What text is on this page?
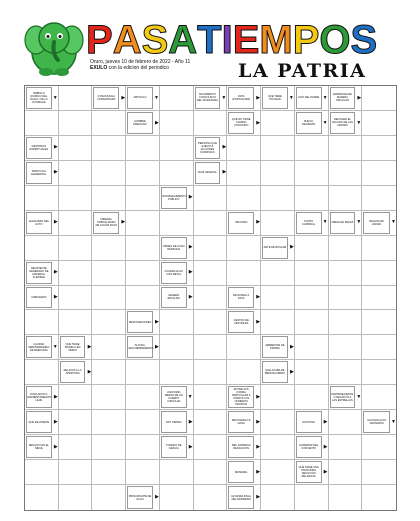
P A S A T I E M P O S
Oruro, jueves 10 de febrero de 2022 - Año 11
EXULO con la edicion del periodico	LA PATRIA
SIMBOLO QUIMICO DEL GALIO / SE LA CONSIGUE
▼	COSA MUCHA CORAZONADO	▶	ARTICULO	▼	MOVIMIENTO CONVULSIVO DEL DIAFRAGMA
▼	DIOS (PORTUGUES)	▶	QUE TIENE UTILIDAD	▼	HIJO DEL PADRE ▼	ARMADURA DE MADERA CIRCULAR
▶
HOMBRE PRECIANO	▶	QUE NO TIENE CAMINO CONOCIDO
▶	NUEVO, RECIENTE	▼	RECOGER EL SACADO DE LAS LEONES
▼
MINISTROS ESPIRITUALES	▶
PERSONA QUE EJECUTA ACCIONES FORZOSAS
▶
PARTICULA ELEMENTAL	▶	RAIZ VEGETAL	▶
ESTABLECIMIENTO PUBLICO	▶
LEGALIDAD DEL ACTO	▶	MINERAL CRISTALIZADO DE COLOR ROJO
▶	INFUSION	▶	PUNTO CARDINAL	▼	MEDIA DE INDIAZ ▼	REGATA DE ZAFIRA	▼
ORDEN DE A UNA PERSONA	▶	ARTE DE BUSCAR ▶
RECIPIENTE GENERADO DE MATERIAL FLEXIBLE
▶	CUARDA ALGO CON METAL	▶
CIMPLEZON	▶	GENERA ENTALPIA	▶	DE RODEO A DIOS	▶
DESPOSECIONES ▶	CENTRO DE VESTIDLES	▶
CAUDAD MEDITERRANEO DE BABILONIA
▼	QUE TIENE MODELO EN VIDRIO
▶	ALTURA, ENCUMBRAMIENTO ▶	AMBIENTAR DE PRISMA	▶
RELATOS A LA APERTURA	▶	QUE ACABA DE MENOSCABADO ▶
DISCUSION O ENFRENTAMIENTO LEVE
▶
ANATOMIA MERAS DE UN CUERPO CIRCULAR
▼
ENTRE SUS FORMA PARTICULAR A UNIDOS LOS NUMEROS PROPIOS
▶	PERTENECIENTE O RELATIVO A LAS ESTRELLAS
▼
QUE DE ATREVE ▶	ART. PERSIA	▶	RECOGERLO A NASA	▶	GUSTOSO	▶	ALCOHOLICOS ANONIMOS	▼
RESALTO EN EL NIEVE	▶	TOMADO DE GRACIA	▶	DEF. ENTREGA REDACCION	▶	SUPERIOR DEL CONVENTO	▶
MATERIAL	▶
QUE TIENE UNA PROFUNDA DEVOCION RELIGIOSA
▶
PRINCIPIANTE DE ALGO	▶	LEYENDA FINAL DEL MODERNO	▶
